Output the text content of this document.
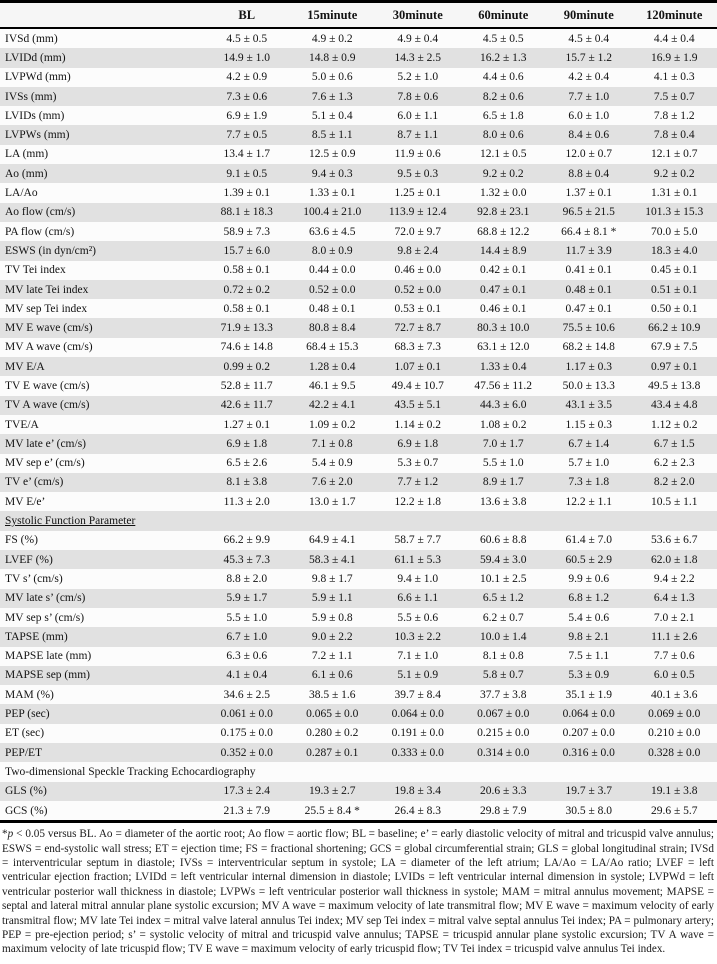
	BL	15minute	30minute	60minute	90minute	120minute
IVSd (mm)	4.5 ± 0.5	4.9 ± 0.2	4.9 ± 0.4	4.5 ± 0.5	4.5 ± 0.4	4.4 ± 0.4
LVIDd (mm)	14.9 ± 1.0	14.8 ± 0.9	14.3 ± 2.5	16.2 ± 1.3	15.7 ± 1.2	16.9 ± 1.9
LVPWd (mm)	4.2 ± 0.9	5.0 ± 0.6	5.2 ± 1.0	4.4 ± 0.6	4.2 ± 0.4	4.1 ± 0.3
IVSs (mm)	7.3 ± 0.6	7.6 ± 1.3	7.8 ± 0.6	8.2 ± 0.6	7.7 ± 1.0	7.5 ± 0.7
LVIDs (mm)	6.9 ± 1.9	5.1 ± 0.4	6.0 ± 1.1	6.5 ± 1.8	6.0 ± 1.0	7.8 ± 1.2
LVPWs (mm)	7.7 ± 0.5	8.5 ± 1.1	8.7 ± 1.1	8.0 ± 0.6	8.4 ± 0.6	7.8 ± 0.4
LA (mm)	13.4 ± 1.7	12.5 ± 0.9	11.9 ± 0.6	12.1 ± 0.5	12.0 ± 0.7	12.1 ± 0.7
Ao (mm)	9.1 ± 0.5	9.4 ± 0.3	9.5 ± 0.3	9.2 ± 0.2	8.8 ± 0.4	9.2 ± 0.2
LA/Ao	1.39 ± 0.1	1.33 ± 0.1	1.25 ± 0.1	1.32 ± 0.0	1.37 ± 0.1	1.31 ± 0.1
Ao flow (cm/s)	88.1 ± 18.3	100.4 ± 21.0	113.9 ± 12.4	92.8 ± 23.1	96.5 ± 21.5	101.3 ± 15.3
PA flow (cm/s)	58.9 ± 7.3	63.6 ± 4.5	72.0 ± 9.7	68.8 ± 12.2	66.4 ± 8.1 *	70.0 ± 5.0
ESWS (in dyn/cm²)	15.7 ± 6.0	8.0 ± 0.9	9.8 ± 2.4	14.4 ± 8.9	11.7 ± 3.9	18.3 ± 4.0
TV Tei index	0.58 ± 0.1	0.44 ± 0.0	0.46 ± 0.0	0.42 ± 0.1	0.41 ± 0.1	0.45 ± 0.1
MV late Tei index	0.72 ± 0.2	0.52 ± 0.0	0.52 ± 0.0	0.47 ± 0.1	0.48 ± 0.1	0.51 ± 0.1
MV sep Tei index	0.58 ± 0.1	0.48 ± 0.1	0.53 ± 0.1	0.46 ± 0.1	0.47 ± 0.1	0.50 ± 0.1
MV E wave (cm/s)	71.9 ± 13.3	80.8 ± 8.4	72.7 ± 8.7	80.3 ± 10.0	75.5 ± 10.6	66.2 ± 10.9
MV A wave (cm/s)	74.6 ± 14.8	68.4 ± 15.3	68.3 ± 7.3	63.1 ± 12.0	68.2 ± 14.8	67.9 ± 7.5
MV E/A	0.99 ± 0.2	1.28 ± 0.4	1.07 ± 0.1	1.33 ± 0.4	1.17 ± 0.3	0.97 ± 0.1
TV E wave (cm/s)	52.8 ± 11.7	46.1 ± 9.5	49.4 ± 10.7	47.56 ± 11.2	50.0 ± 13.3	49.5 ± 13.8
TV A wave (cm/s)	42.6 ± 11.7	42.2 ± 4.1	43.5 ± 5.1	44.3 ± 6.0	43.1 ± 3.5	43.4 ± 4.8
TVE/A	1.27 ± 0.1	1.09 ± 0.2	1.14 ± 0.2	1.08 ± 0.2	1.15 ± 0.3	1.12 ± 0.2
MV late e’ (cm/s)	6.9 ± 1.8	7.1 ± 0.8	6.9 ± 1.8	7.0 ± 1.7	6.7 ± 1.4	6.7 ± 1.5
MV sep e’ (cm/s)	6.5 ± 2.6	5.4 ± 0.9	5.3 ± 0.7	5.5 ± 1.0	5.7 ± 1.0	6.2 ± 2.3
TV e’ (cm/s)	8.1 ± 3.8	7.6 ± 2.0	7.7 ± 1.2	8.9 ± 1.7	7.3 ± 1.8	8.2 ± 2.0
MV E/e’	11.3 ± 2.0	13.0 ± 1.7	12.2 ± 1.8	13.6 ± 3.8	12.2 ± 1.1	10.5 ± 1.1
Systolic Function Parameter						
FS (%)	66.2 ± 9.9	64.9 ± 4.1	58.7 ± 7.7	60.6 ± 8.8	61.4 ± 7.0	53.6 ± 6.7
LVEF (%)	45.3 ± 7.3	58.3 ± 4.1	61.1 ± 5.3	59.4 ± 3.0	60.5 ± 2.9	62.0 ± 1.8
TV s’ (cm/s)	8.8 ± 2.0	9.8 ± 1.7	9.4 ± 1.0	10.1 ± 2.5	9.9 ± 0.6	9.4 ± 2.2
MV late s’ (cm/s)	5.9 ± 1.7	5.9 ± 1.1	6.6 ± 1.1	6.5 ± 1.2	6.8 ± 1.2	6.4 ± 1.3
MV sep s’ (cm/s)	5.5 ± 1.0	5.9 ± 0.8	5.5 ± 0.6	6.2 ± 0.7	5.4 ± 0.6	7.0 ± 2.1
TAPSE (mm)	6.7 ± 1.0	9.0 ± 2.2	10.3 ± 2.2	10.0 ± 1.4	9.8 ± 2.1	11.1 ± 2.6
MAPSE late (mm)	6.3 ± 0.6	7.2 ± 1.1	7.1 ± 1.0	8.1 ± 0.8	7.5 ± 1.1	7.7 ± 0.6
MAPSE sep (mm)	4.1 ± 0.4	6.1 ± 0.6	5.1 ± 0.9	5.8 ± 0.7	5.3 ± 0.9	6.0 ± 0.5
MAM (%)	34.6 ± 2.5	38.5 ± 1.6	39.7 ± 8.4	37.7 ± 3.8	35.1 ± 1.9	40.1 ± 3.6
PEP (sec)	0.061 ± 0.0	0.065 ± 0.0	0.064 ± 0.0	0.067 ± 0.0	0.064 ± 0.0	0.069 ± 0.0
ET (sec)	0.175 ± 0.0	0.280 ± 0.2	0.191 ± 0.0	0.215 ± 0.0	0.207 ± 0.0	0.210 ± 0.0
PEP/ET	0.352 ± 0.0	0.287 ± 0.1	0.333 ± 0.0	0.314 ± 0.0	0.316 ± 0.0	0.328 ± 0.0
Two-dimensional Speckle Tracking Echocardiography						
GLS (%)	17.3 ± 2.4	19.3 ± 2.7	19.8 ± 3.4	20.6 ± 3.3	19.7 ± 3.7	19.1 ± 3.8
GCS (%)	21.3 ± 7.9	25.5 ± 8.4 *	26.4 ± 8.3	29.8 ± 7.9	30.5 ± 8.0	29.6 ± 5.7
*p < 0.05 versus BL. Ao = diameter of the aortic root; Ao flow = aortic flow; BL = baseline; e’ = early diastolic velocity of mitral and tricuspid valve annulus; ESWS = end-systolic wall stress; ET = ejection time; FS = fractional shortening; GCS = global circumferential strain; GLS = global longitudinal strain; IVSd = interventricular septum in diastole; IVSs = interventricular septum in systole; LA = diameter of the left atrium; LA/Ao = LA/Ao ratio; LVEF = left ventricular ejection fraction; LVIDd = left ventricular internal dimension in diastole; LVIDs = left ventricular internal dimension in systole; LVPWd = left ventricular posterior wall thickness in diastole; LVPWs = left ventricular posterior wall thickness in systole; MAM = mitral annulus movement; MAPSE = septal and lateral mitral annular plane systolic excursion; MV A wave = maximum velocity of late transmitral flow; MV E wave = maximum velocity of early transmitral flow; MV late Tei index = mitral valve lateral annulus Tei index; MV sep Tei index = mitral valve septal annulus Tei index; PA = pulmonary artery; PEP = pre-ejection period; s’ = systolic velocity of mitral and tricuspid valve annulus; TAPSE = tricuspid annular plane systolic excursion; TV A wave = maximum velocity of late tricuspid flow; TV E wave = maximum velocity of early tricuspid flow; TV Tei index = tricuspid valve annulus Tei index.
